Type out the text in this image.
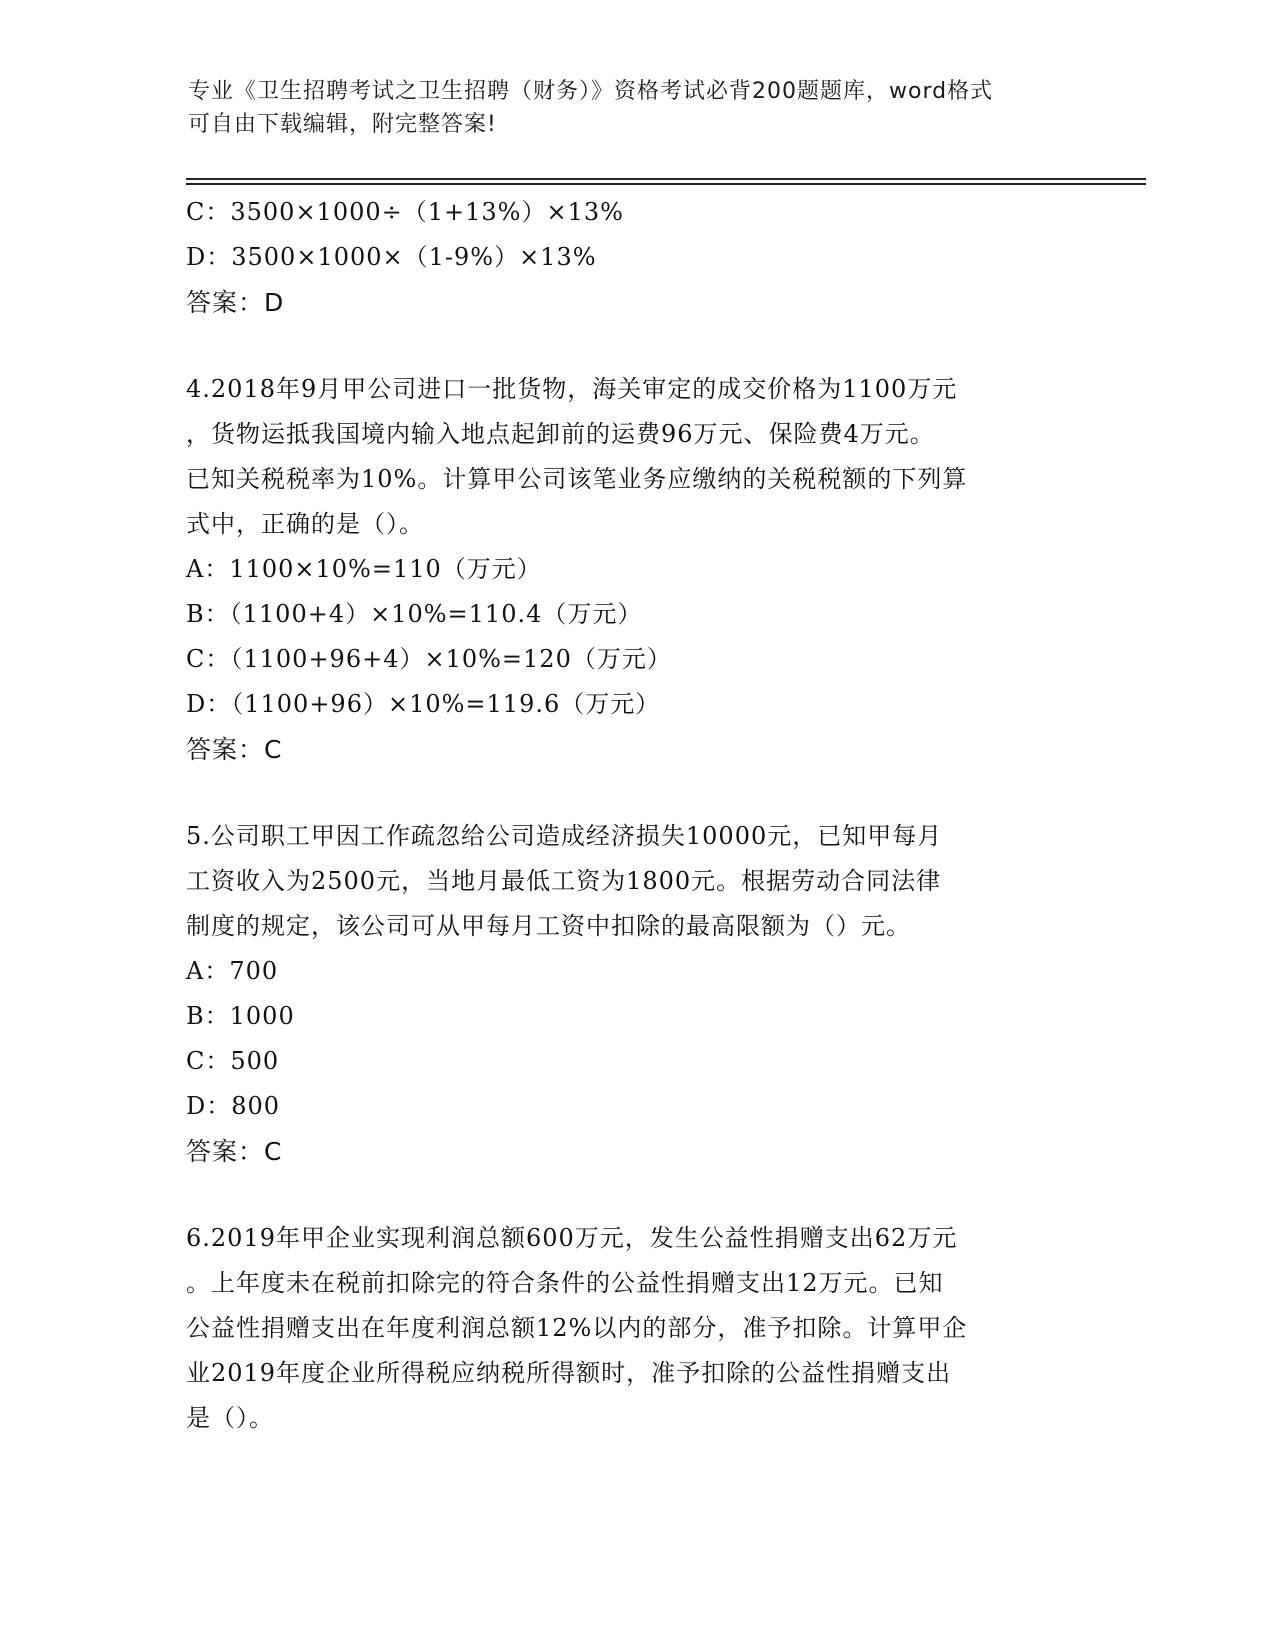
专业《卫生招聘考试之卫生招聘（财务）》资格考试必背200题题库，word格式
可自由下载编辑，附完整答案!
C：3500×1000÷（1+13%）×13%
D：3500×1000×（1-9%）×13%
答案：D
4.2018年9月甲公司进口一批货物，海关审定的成交价格为1100万元
，货物运抵我国境内输入地点起卸前的运费96万元、保险费4万元。
已知关税税率为10%。计算甲公司该笔业务应缴纳的关税税额的下列算
式中，正确的是（）。
A：1100×10%=110（万元）
B：（1100+4）×10%=110.4（万元）
C：（1100+96+4）×10%=120（万元）
D：（1100+96）×10%=119.6（万元）
答案：C
5.公司职工甲因工作疏忽给公司造成经济损失10000元，已知甲每月
工资收入为2500元，当地月最低工资为1800元。根据劳动合同法律
制度的规定，该公司可从甲每月工资中扣除的最高限额为（）元。
A：700
B：1000
C：500
D：800
答案：C
6.2019年甲企业实现利润总额600万元，发生公益性捐赠支出62万元
。上年度未在税前扣除完的符合条件的公益性捐赠支出12万元。已知
公益性捐赠支出在年度利润总额12%以内的部分，准予扣除。计算甲企
业2019年度企业所得税应纳税所得额时，准予扣除的公益性捐赠支出
是（）。
